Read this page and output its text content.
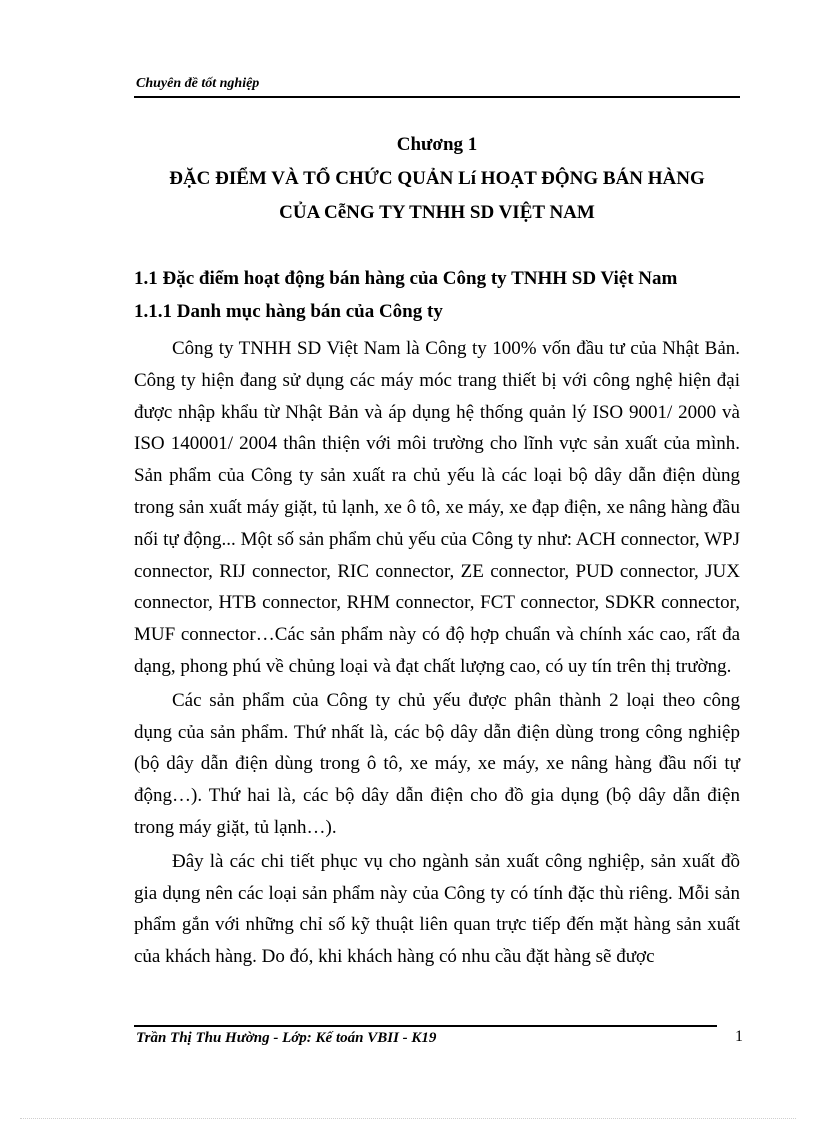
Chuyên đề tốt nghiệp
Chương 1
ĐẶC ĐIỂM VÀ TỔ CHỨC QUẢN Lí HOẠT ĐỘNG BÁN HÀNG
CỦA CễNG TY TNHH SD VIỆT NAM
1.1 Đặc điểm hoạt động bán hàng của Công ty TNHH SD Việt Nam
1.1.1 Danh mục hàng bán của Công ty

Công ty TNHH SD Việt Nam là Công ty 100% vốn đầu tư của Nhật Bản. Công ty hiện đang sử dụng các máy móc trang thiết bị với công nghệ hiện đại được nhập khẩu từ Nhật Bản và áp dụng hệ thống quản lý ISO 9001/ 2000 và ISO 140001/ 2004 thân thiện với môi trường cho lĩnh vực sản xuất của mình. Sản phẩm của Công ty sản xuất ra chủ yếu là các loại bộ dây dẫn điện dùng trong sản xuất máy giặt, tủ lạnh, xe ô tô, xe máy, xe đạp điện, xe nâng hàng đầu nối tự động... Một số sản phẩm chủ yếu của Công ty như: ACH connector, WPJ connector, RIJ connector, RIC connector, ZE connector, PUD connector, JUX connector, HTB connector, RHM connector, FCT connector, SDKR connector, MUF connector…Các sản phẩm này có độ hợp chuẩn và chính xác cao, rất đa dạng, phong phú về chủng loại và đạt chất lượng cao, có uy tín trên thị trường.

Các sản phẩm của Công ty chủ yếu được phân thành 2 loại theo công dụng của sản phẩm. Thứ nhất là, các bộ dây dẫn điện dùng trong công nghiệp (bộ dây dẫn điện dùng trong ô tô, xe máy, xe máy, xe nâng hàng đầu nối tự động…). Thứ hai là, các bộ dây dẫn điện cho đồ gia dụng (bộ dây dẫn điện trong máy giặt, tủ lạnh…).

Đây là các chi tiết phục vụ cho ngành sản xuất công nghiệp, sản xuất đồ gia dụng nên các loại sản phẩm này của Công ty có tính đặc thù riêng. Mỗi sản phẩm gắn với những chỉ số kỹ thuật liên quan trực tiếp đến mặt hàng sản xuất của khách hàng. Do đó, khi khách hàng có nhu cầu đặt hàng sẽ được

Trần Thị Thu Hường - Lớp: Kế toán VBII - K19	1
